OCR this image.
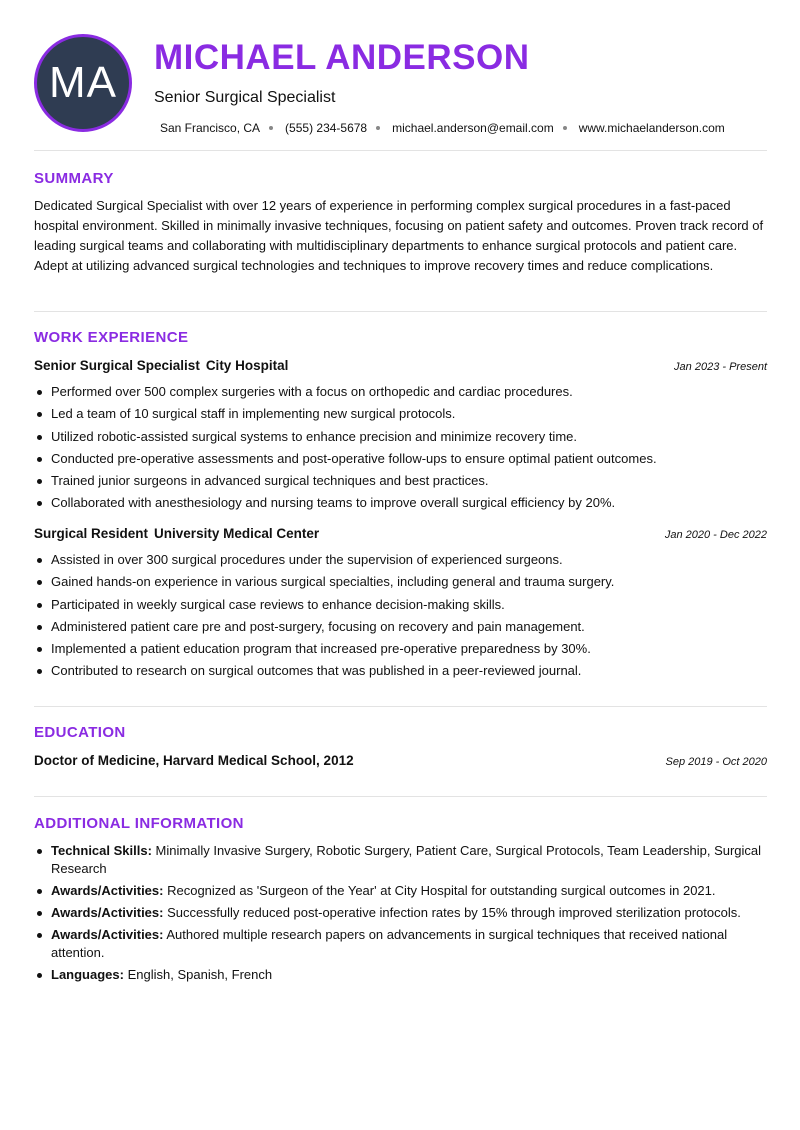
MA
MICHAEL ANDERSON
Senior Surgical Specialist
San Francisco, CA (555) 234-5678 michael.anderson@email.com www.michaelanderson.com
SUMMARY

Dedicated Surgical Specialist with over 12 years of experience in performing complex surgical procedures in a fast-paced hospital environment. Skilled in minimally invasive techniques, focusing on patient safety and outcomes. Proven track record of leading surgical teams and collaborating with multidisciplinary departments to enhance surgical protocols and patient care. Adept at utilizing advanced surgical technologies and techniques to improve recovery times and reduce complications.

WORK EXPERIENCE
Senior Surgical Specialist City Hospital	Jan 2023 - Present
Performed over 500 complex surgeries with a focus on orthopedic and cardiac procedures.
Led a team of 10 surgical staff in implementing new surgical protocols.
Utilized robotic-assisted surgical systems to enhance precision and minimize recovery time.
Conducted pre-operative assessments and post-operative follow-ups to ensure optimal patient outcomes.
Trained junior surgeons in advanced surgical techniques and best practices.
Collaborated with anesthesiology and nursing teams to improve overall surgical efficiency by 20%.
Surgical Resident University Medical Center	Jan 2020 - Dec 2022
Assisted in over 300 surgical procedures under the supervision of experienced surgeons.
Gained hands-on experience in various surgical specialties, including general and trauma surgery.
Participated in weekly surgical case reviews to enhance decision-making skills.
Administered patient care pre and post-surgery, focusing on recovery and pain management.
Implemented a patient education program that increased pre-operative preparedness by 30%.
Contributed to research on surgical outcomes that was published in a peer-reviewed journal.
EDUCATION
Doctor of Medicine, Harvard Medical School, 2012	Sep 2019 - Oct 2020
ADDITIONAL INFORMATION
Technical Skills: Minimally Invasive Surgery, Robotic Surgery, Patient Care, Surgical Protocols, Team Leadership, Surgical Research
Awards/Activities: Recognized as 'Surgeon of the Year' at City Hospital for outstanding surgical outcomes in 2021.
Awards/Activities: Successfully reduced post-operative infection rates by 15% through improved sterilization protocols.
Awards/Activities: Authored multiple research papers on advancements in surgical techniques that received national attention.
Languages: English, Spanish, French
